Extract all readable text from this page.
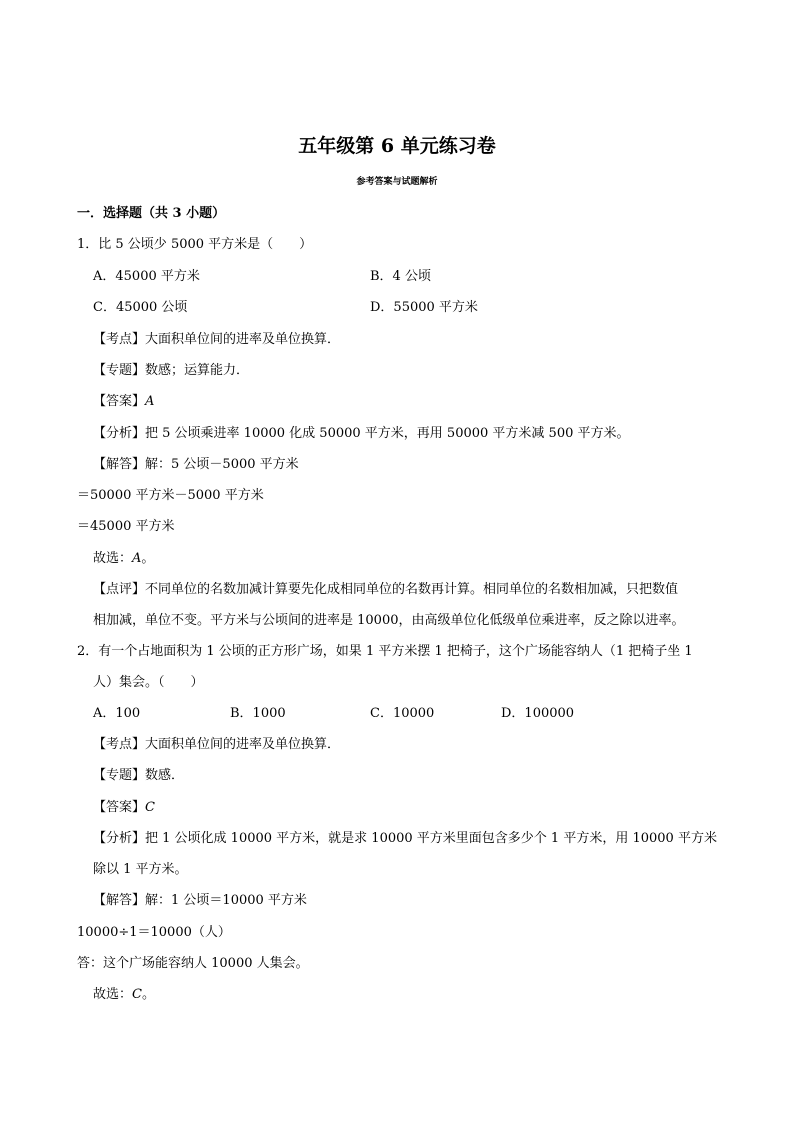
五年级第 6 单元练习卷
参考答案与试题解析
一．选择题（共 3 小题）
1．比 5 公顷少 5000 平方米是（　　）
A．45000 平方米	B．4 公顷
C．45000 公顷	D．55000 平方米
【考点】大面积单位间的进率及单位换算．
【专题】数感；运算能力．
【答案】A
【分析】把 5 公顷乘进率 10000 化成 50000 平方米，再用 50000 平方米减 500 平方米。
【解答】解：5 公顷－5000 平方米
＝50000 平方米－5000 平方米
＝45000 平方米
故选：A。
【点评】不同单位的名数加减计算要先化成相同单位的名数再计算。相同单位的名数相加减，只把数值
相加减，单位不变。平方米与公顷间的进率是 10000，由高级单位化低级单位乘进率，反之除以进率。
2．有一个占地面积为 1 公顷的正方形广场，如果 1 平方米摆 1 把椅子，这个广场能容纳人（1 把椅子坐 1
人）集会。（　　）
A．100	B．1000	C．10000	D．100000
【考点】大面积单位间的进率及单位换算．
【专题】数感．
【答案】C
【分析】把 1 公顷化成 10000 平方米，就是求 10000 平方米里面包含多少个 1 平方米，用 10000 平方米
除以 1 平方米。
【解答】解：1 公顷＝10000 平方米
10000÷1＝10000（人）
答：这个广场能容纳人 10000 人集会。
故选：C。
